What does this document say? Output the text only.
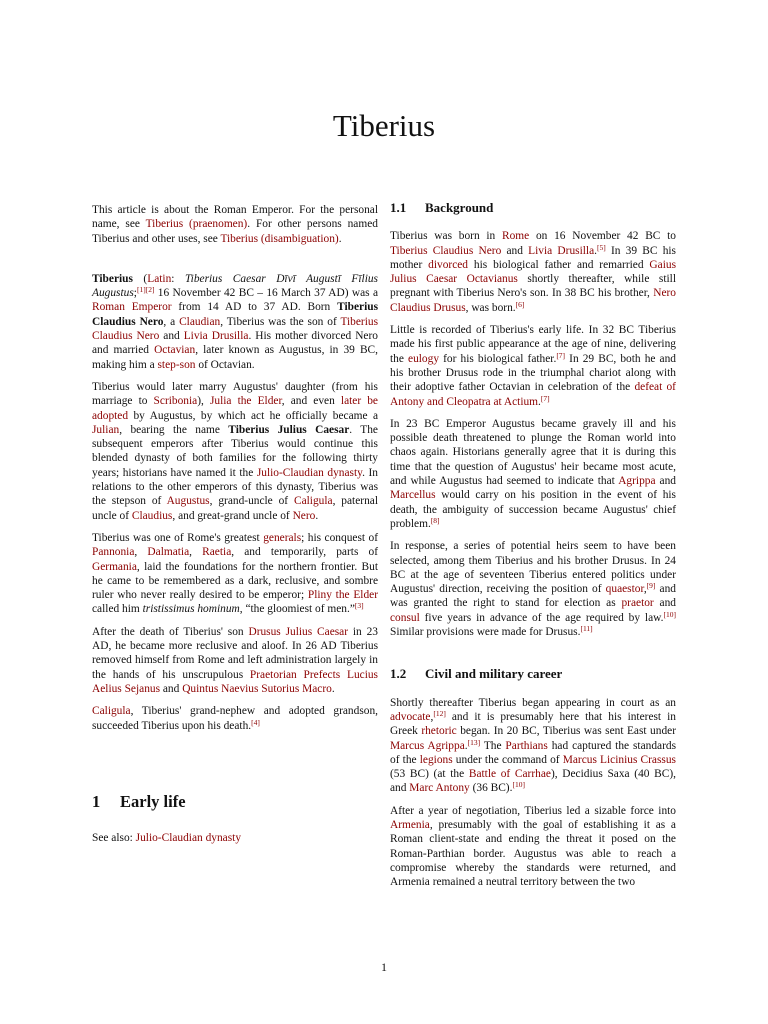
Tiberius

This article is about the Roman Emperor. For the personal name, see Tiberius (praenomen). For other persons named Tiberius and other uses, see Tiberius (disambiguation).

Tiberius (Latin: Tiberius Caesar Dīvī Augustī Fīlius Augustus;[1][2] 16 November 42 BC – 16 March 37 AD) was a Roman Emperor from 14 AD to 37 AD. Born Tiberius Claudius Nero, a Claudian, Tiberius was the son of Tiberius Claudius Nero and Livia Drusilla. His mother divorced Nero and married Octavian, later known as Augustus, in 39 BC, making him a step-son of Octavian.

Tiberius would later marry Augustus' daughter (from his marriage to Scribonia), Julia the Elder, and even later be adopted by Augustus, by which act he officially became a Julian, bearing the name Tiberius Julius Caesar. The subsequent emperors after Tiberius would continue this blended dynasty of both families for the following thirty years; historians have named it the Julio-Claudian dynasty. In relations to the other emperors of this dynasty, Tiberius was the stepson of Augustus, grand-uncle of Caligula, paternal uncle of Claudius, and great-grand uncle of Nero.

Tiberius was one of Rome's greatest generals; his conquest of Pannonia, Dalmatia, Raetia, and temporarily, parts of Germania, laid the foundations for the northern frontier. But he came to be remembered as a dark, reclusive, and sombre ruler who never really desired to be emperor; Pliny the Elder called him tristissimus hominum, “the gloomiest of men.”[3]

After the death of Tiberius' son Drusus Julius Caesar in 23 AD, he became more reclusive and aloof. In 26 AD Tiberius removed himself from Rome and left administration largely in the hands of his unscrupulous Praetorian Prefects Lucius Aelius Sejanus and Quintus Naevius Sutorius Macro.

Caligula, Tiberius' grand-nephew and adopted grandson, succeeded Tiberius upon his death.[4]

1 Early life

See also: Julio-Claudian dynasty

1.1 Background

Tiberius was born in Rome on 16 November 42 BC to Tiberius Claudius Nero and Livia Drusilla.[5] In 39 BC his mother divorced his biological father and remarried Gaius Julius Caesar Octavianus shortly thereafter, while still pregnant with Tiberius Nero's son. In 38 BC his brother, Nero Claudius Drusus, was born.[6]

Little is recorded of Tiberius's early life. In 32 BC Tiberius made his first public appearance at the age of nine, delivering the eulogy for his biological father.[7] In 29 BC, both he and his brother Drusus rode in the triumphal chariot along with their adoptive father Octavian in celebration of the defeat of Antony and Cleopatra at Actium.[7]

In 23 BC Emperor Augustus became gravely ill and his possible death threatened to plunge the Roman world into chaos again. Historians generally agree that it is during this time that the question of Augustus' heir became most acute, and while Augustus had seemed to indicate that Agrippa and Marcellus would carry on his position in the event of his death, the ambiguity of succession became Augustus' chief problem.[8]

In response, a series of potential heirs seem to have been selected, among them Tiberius and his brother Drusus. In 24 BC at the age of seventeen Tiberius entered politics under Augustus' direction, receiving the position of quaestor,[9] and was granted the right to stand for election as praetor and consul five years in advance of the age required by law.[10] Similar provisions were made for Drusus.[11]

1.2 Civil and military career

Shortly thereafter Tiberius began appearing in court as an advocate,[12] and it is presumably here that his interest in Greek rhetoric began. In 20 BC, Tiberius was sent East under Marcus Agrippa.[13] The Parthians had captured the standards of the legions under the command of Marcus Licinius Crassus (53 BC) (at the Battle of Carrhae), Decidius Saxa (40 BC), and Marc Antony (36 BC).[10]

After a year of negotiation, Tiberius led a sizable force into Armenia, presumably with the goal of establishing it as a Roman client-state and ending the threat it posed on the Roman-Parthian border. Augustus was able to reach a compromise whereby the standards were returned, and Armenia remained a neutral territory between the two

1
